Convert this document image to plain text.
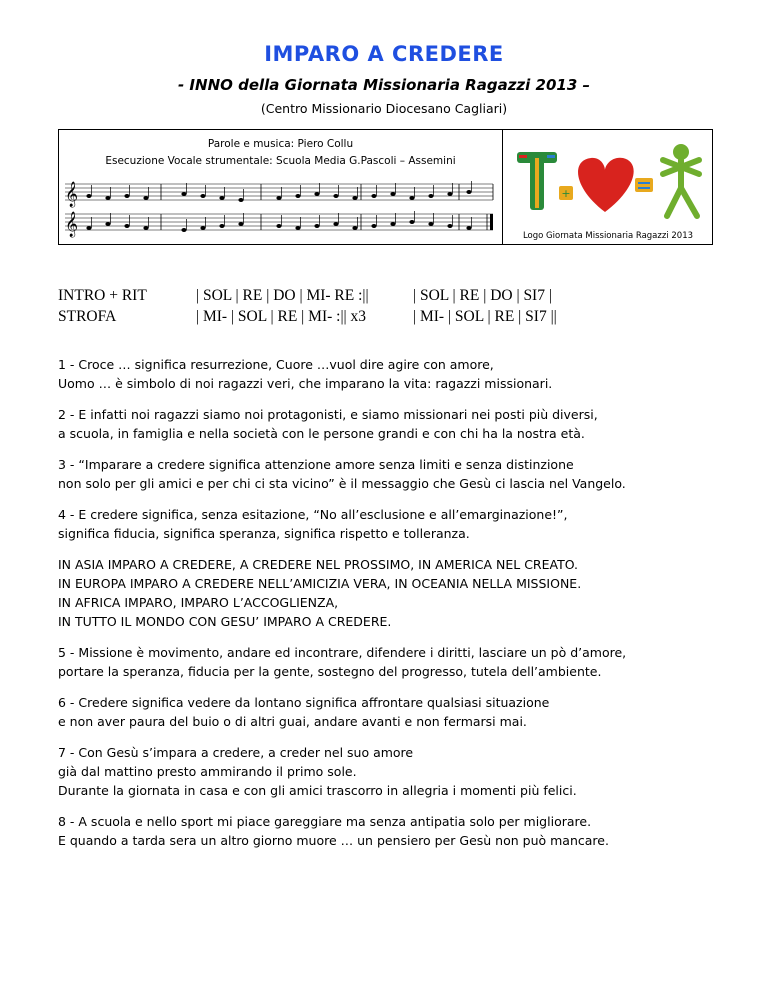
IMPARO A CREDERE
- INNO della Giornata Missionaria Ragazzi 2013 –
(Centro Missionario Diocesano Cagliari)
Parole e musica: Piero Collu
Esecuzione Vocale strumentale: Scuola Media G.Pascoli – Assemini
𝄞
𝄞
+
Logo Giornata Missionaria Ragazzi 2013
INTRO + RIT	| SOL | RE | DO | MI- RE :||	| SOL | RE | DO | SI7 |
STROFA	| MI- | SOL | RE | MI- :|| x3	| MI- | SOL | RE | SI7 ||
1 - Croce … significa resurrezione, Cuore …vuol dire agire con amore,
Uomo … è simbolo di noi ragazzi veri, che imparano la vita: ragazzi missionari.
2 - E infatti noi ragazzi siamo noi protagonisti, e siamo missionari nei posti più diversi,
a scuola, in famiglia e nella società con le persone grandi e con chi ha la nostra età.
3 - “Imparare a credere significa attenzione amore senza limiti e senza distinzione
non solo per gli amici e per chi ci sta vicino” è il messaggio che Gesù ci lascia nel Vangelo.
4 - E credere significa, senza esitazione, “No all’esclusione e all’emarginazione!”,
significa fiducia, significa speranza, significa rispetto e tolleranza.
IN ASIA IMPARO A CREDERE, A CREDERE NEL PROSSIMO, IN AMERICA NEL CREATO.
IN EUROPA IMPARO A CREDERE NELL’AMICIZIA VERA, IN OCEANIA NELLA MISSIONE.
IN AFRICA IMPARO, IMPARO L’ACCOGLIENZA,
IN TUTTO IL MONDO CON GESU’ IMPARO A CREDERE.
5 - Missione è movimento, andare ed incontrare, difendere i diritti, lasciare un pò d’amore,
portare la speranza, fiducia per la gente, sostegno del progresso, tutela dell’ambiente.
6 - Credere significa vedere da lontano significa affrontare qualsiasi situazione
e non aver paura del buio o di altri guai, andare avanti e non fermarsi mai.
7 - Con Gesù s’impara a credere, a creder nel suo amore
già dal mattino presto ammirando il primo sole.
Durante la giornata in casa e con gli amici trascorro in allegria i momenti più felici.
8 - A scuola e nello sport mi piace gareggiare ma senza antipatia solo per migliorare.
E quando a tarda sera un altro giorno muore … un pensiero per Gesù non può mancare.
